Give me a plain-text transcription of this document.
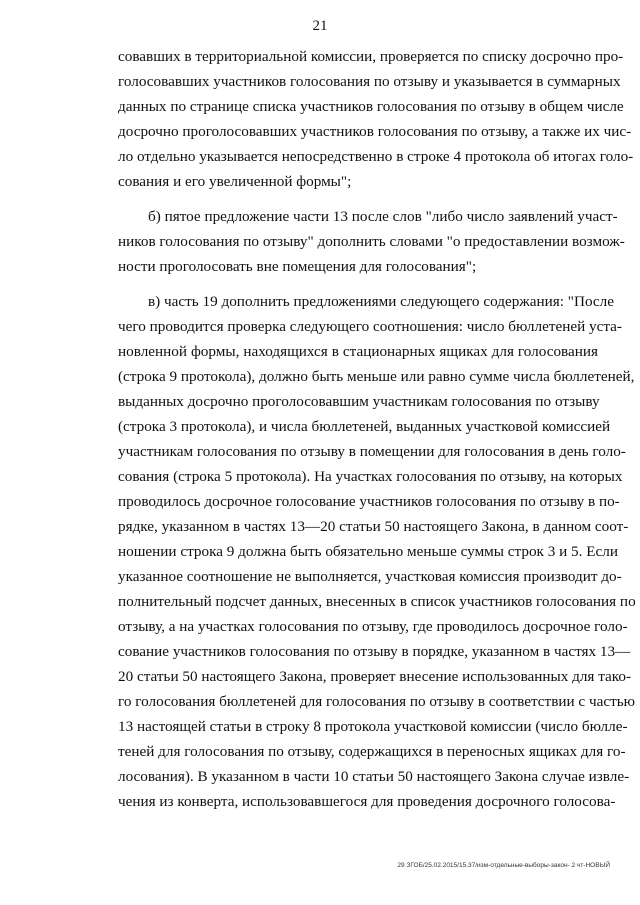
21
совавших в территориальной комиссии, проверяется по списку досрочно про-
голосовавших участников голосования по отзыву и указывается в суммарных
данных по странице списка участников голосования по отзыву в общем числе
досрочно проголосовавших участников голосования по отзыву, а также их чис-
ло отдельно указывается непосредственно в строке 4 протокола об итогах голо-
сования и его увеличенной формы";
б) пятое предложение части 13 после слов "либо число заявлений участ-
ников голосования по отзыву" дополнить словами "о предоставлении возмож-
ности проголосовать вне помещения для голосования";
в) часть 19 дополнить предложениями следующего содержания: "После
чего проводится проверка следующего соотношения: число бюллетеней уста-
новленной формы, находящихся в стационарных ящиках для голосования
(строка 9 протокола), должно быть меньше или равно сумме числа бюллетеней,
выданных досрочно проголосовавшим участникам голосования по отзыву
(строка 3 протокола), и числа бюллетеней, выданных участковой комиссией
участникам голосования по отзыву в помещении для голосования в день голо-
сования (строка 5 протокола). На участках голосования по отзыву, на которых
проводилось досрочное голосование участников голосования по отзыву в по-
рядке, указанном в частях 13—20 статьи 50 настоящего Закона, в данном соот-
ношении строка 9 должна быть обязательно меньше суммы строк 3 и 5. Если
указанное соотношение не выполняется, участковая комиссия производит до-
полнительный подсчет данных, внесенных в список участников голосования по
отзыву, а на участках голосования по отзыву, где проводилось досрочное голо-
сование участников голосования по отзыву в порядке, указанном в частях 13—
20 статьи 50 настоящего Закона, проверяет внесение использованных для тако-
го голосования бюллетеней для голосования по отзыву в соответствии с частью
13 настоящей статьи в строку 8 протокола участковой комиссии (число бюлле-
теней для голосования по отзыву, содержащихся в переносных ящиках для го-
лосования). В указанном в части 10 статьи 50 настоящего Закона случае извле-
чения из конверта, использовавшегося для проведения досрочного голосова-
29 ЗГОБ/25.02.2015/15.37/изм-отдельные-выборы-закон- 2 чт-НОВЫЙ
